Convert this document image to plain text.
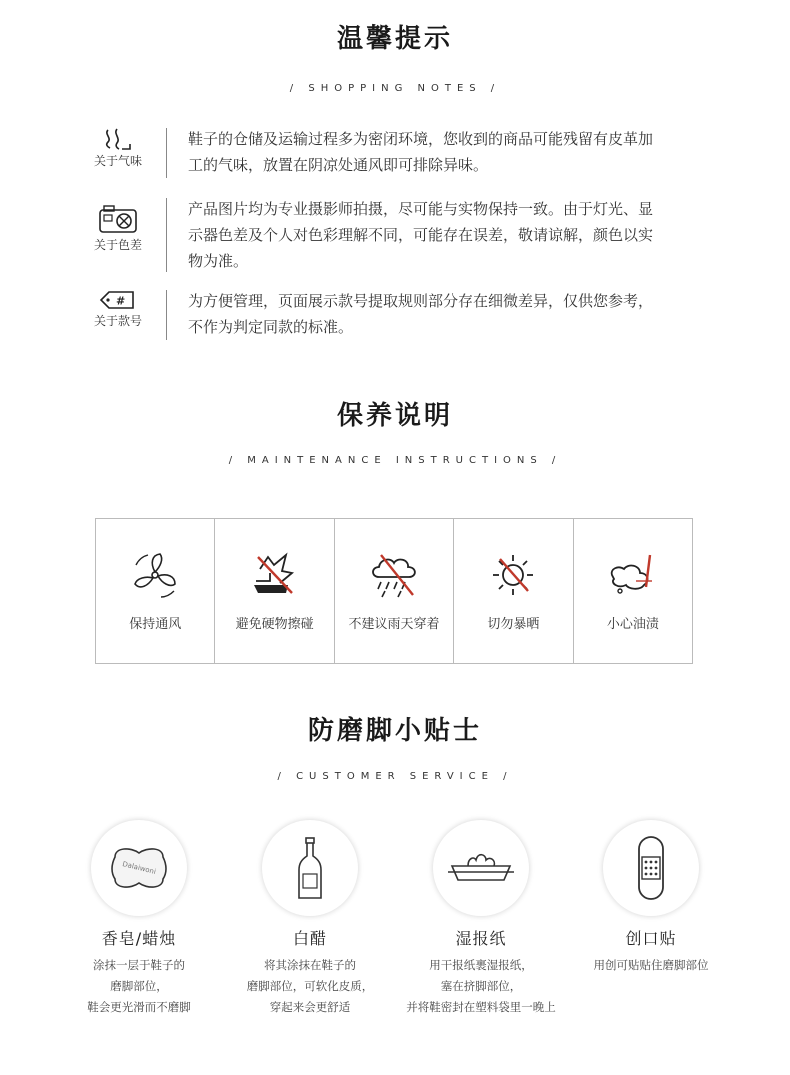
温馨提示
/ SHOPPING NOTES /
关于气味
鞋子的仓储及运输过程多为密闭环境，您收到的商品可能残留有皮革加
工的气味，放置在阴凉处通风即可排除异味。
关于色差
产品图片均为专业摄影师拍摄，尽可能与实物保持一致。由于灯光、显
示器色差及个人对色彩理解不同，可能存在误差，敬请谅解，颜色以实
物为准。
#
关于款号
为方便管理，页面展示款号提取规则部分存在细微差异，仅供您参考，
不作为判定同款的标准。
保养说明
/ MAINTENANCE INSTRUCTIONS /
保持通风	避免硬物擦碰	不建议雨天穿着	切勿暴晒	小心油渍
防磨脚小贴士
/ CUSTOMER SERVICE /
Dalaiwoni
香皂/蜡烛
涂抹一层于鞋子的
磨脚部位，
鞋会更光滑而不磨脚
白醋
将其涂抹在鞋子的
磨脚部位，可软化皮质，
穿起来会更舒适
湿报纸
用干报纸裹湿报纸，
塞在挤脚部位，
并将鞋密封在塑料袋里一晚上
创口贴
用创可贴贴住磨脚部位
